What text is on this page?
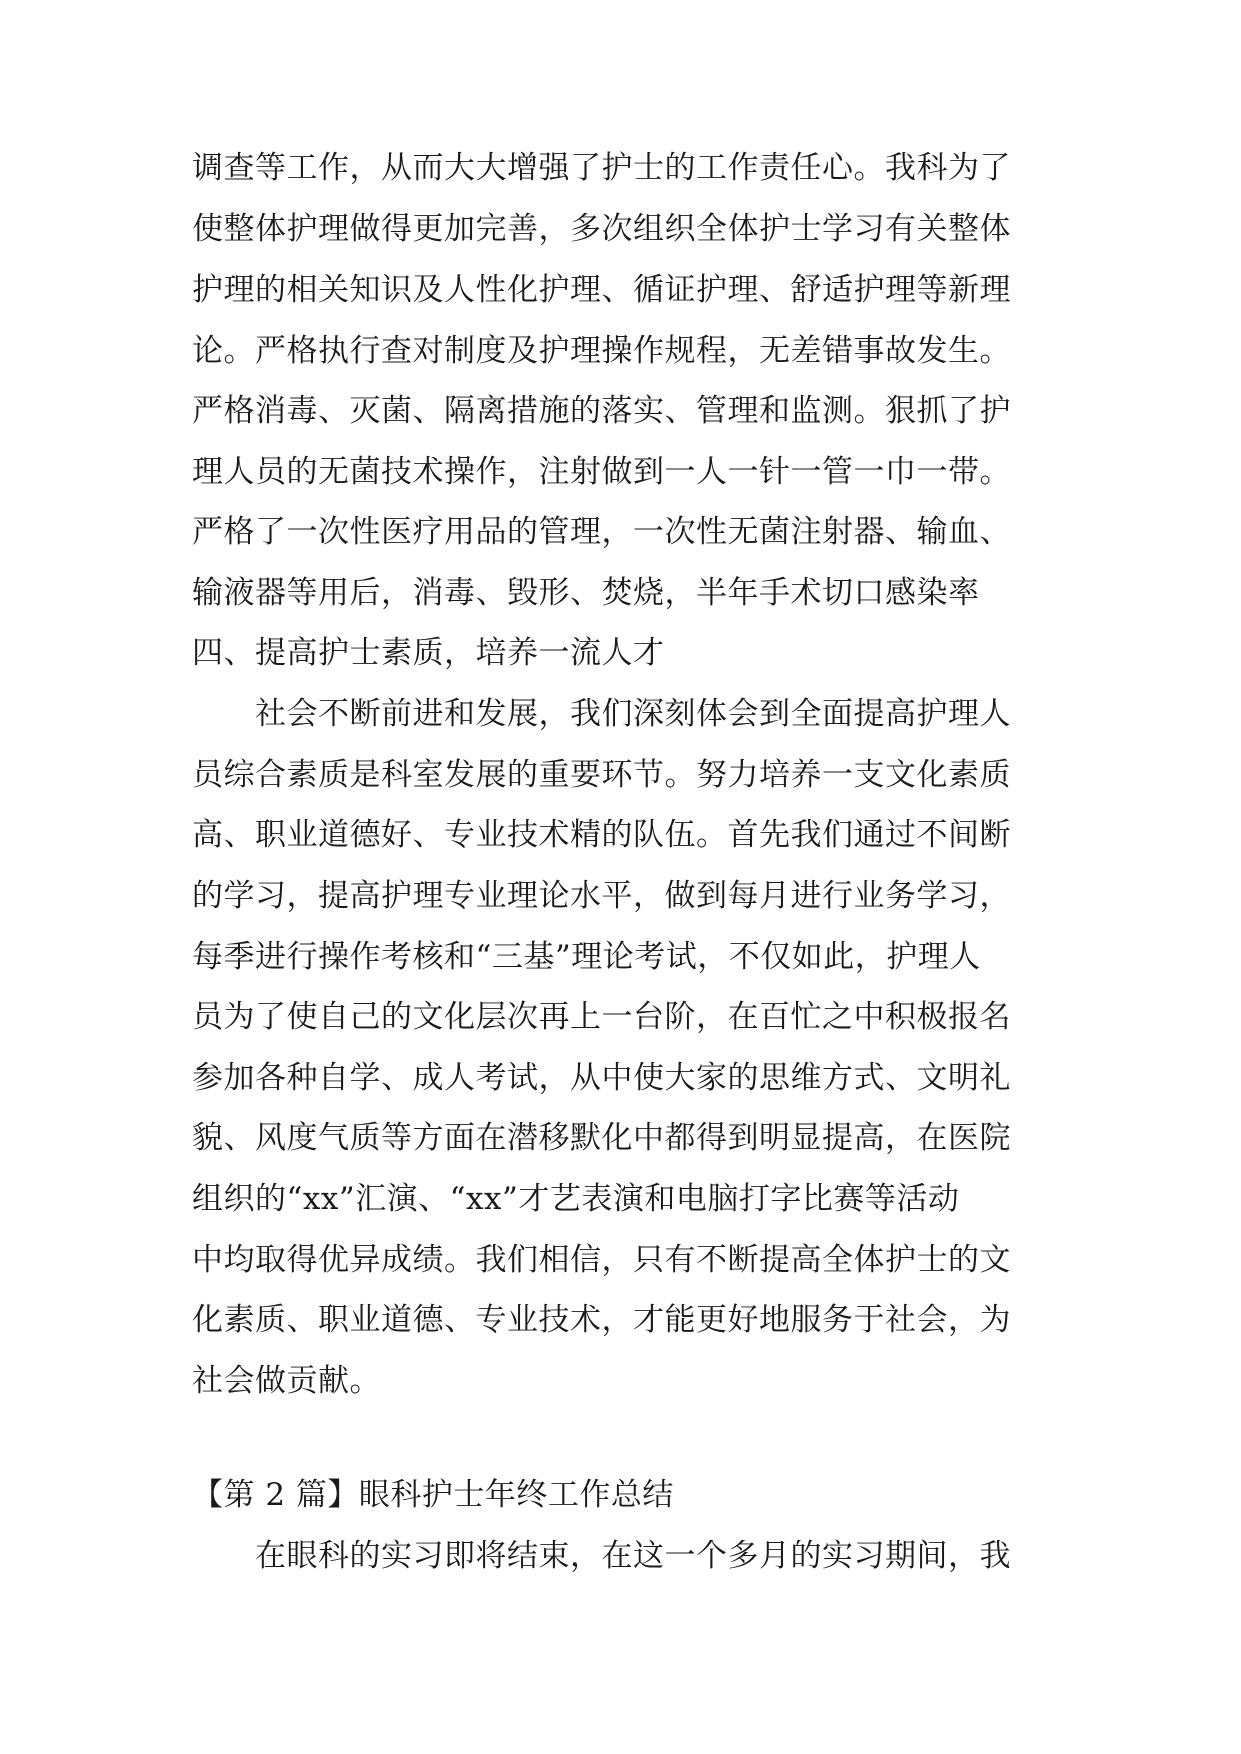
调查等工作，从而大大增强了护士的工作责任心。我科为了
使整体护理做得更加完善，多次组织全体护士学习有关整体
护理的相关知识及人性化护理、循证护理、舒适护理等新理
论。严格执行查对制度及护理操作规程，无差错事故发生。
严格消毒、灭菌、隔离措施的落实、管理和监测。狠抓了护
理人员的无菌技术操作，注射做到一人一针一管一巾一带。
严格了一次性医疗用品的管理，一次性无菌注射器、输血、
输液器等用后，消毒、毁形、焚烧，半年手术切口感染率
四、提高护士素质，培养一流人才
　　社会不断前进和发展，我们深刻体会到全面提高护理人
员综合素质是科室发展的重要环节。努力培养一支文化素质
高、职业道德好、专业技术精的队伍。首先我们通过不间断
的学习，提高护理专业理论水平，做到每月进行业务学习，
每季进行操作考核和“三基”理论考试，不仅如此，护理人
员为了使自己的文化层次再上一台阶，在百忙之中积极报名
参加各种自学、成人考试，从中使大家的思维方式、文明礼
貌、风度气质等方面在潜移默化中都得到明显提高，在医院
组织的“xx”汇演、“xx”才艺表演和电脑打字比赛等活动
中均取得优异成绩。我们相信，只有不断提高全体护士的文
化素质、职业道德、专业技术，才能更好地服务于社会，为
社会做贡献。
【第 2 篇】眼科护士年终工作总结
　　在眼科的实习即将结束，在这一个多月的实习期间，我
